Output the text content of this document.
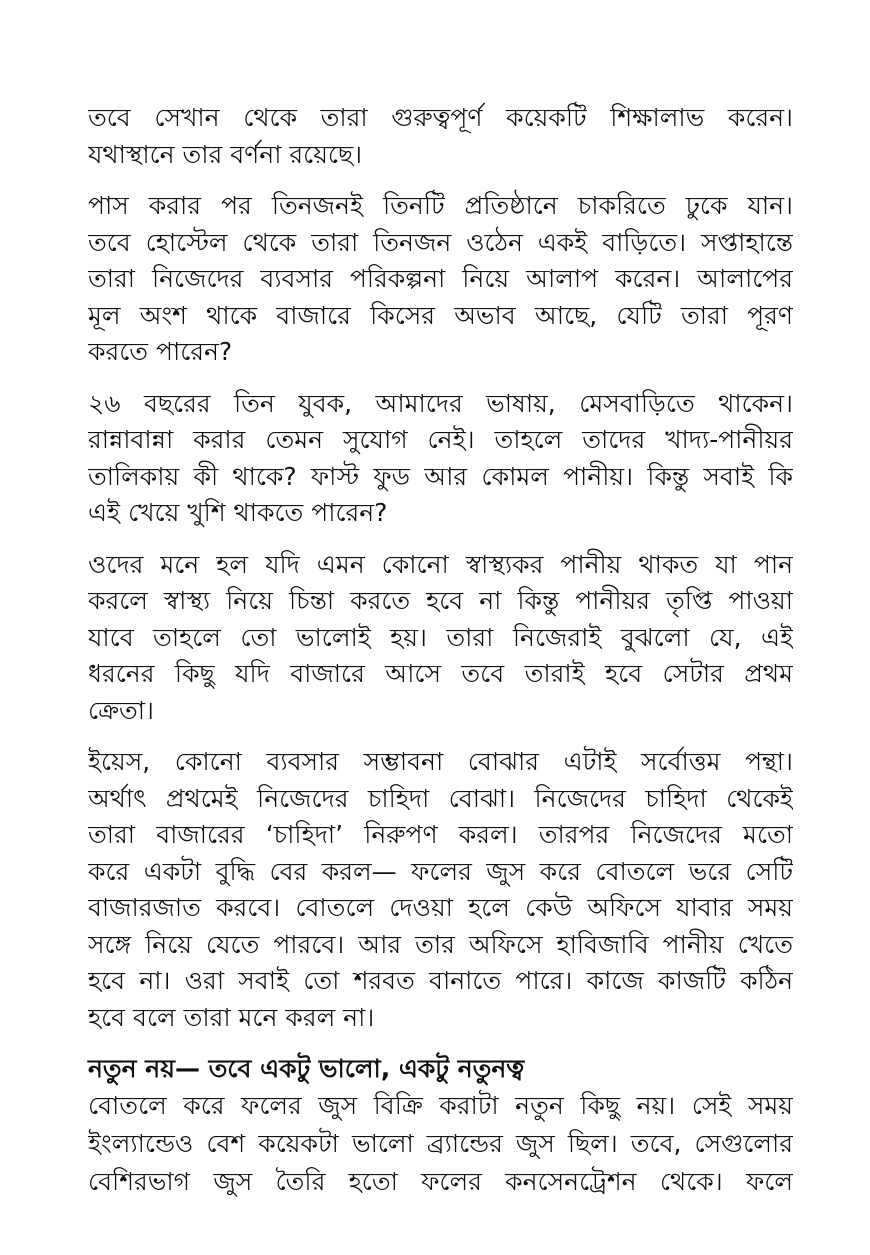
তবে সেখান থেকে তারা গুরুত্বপূর্ণ কয়েকটি শিক্ষালাভ করেন।
যথাস্থানে তার বর্ণনা রয়েছে।
পাস করার পর তিনজনই তিনটি প্রতিষ্ঠানে চাকরিতে ঢুকে যান।
তবে হোস্টেল থেকে তারা তিনজন ওঠেন একই বাড়িতে। সপ্তাহান্তে
তারা নিজেদের ব্যবসার পরিকল্পনা নিয়ে আলাপ করেন। আলাপের
মূল অংশ থাকে বাজারে কিসের অভাব আছে, যেটি তারা পূরণ
করতে পারেন?
২৬ বছরের তিন যুবক, আমাদের ভাষায়, মেসবাড়িতে থাকেন।
রান্নাবান্না করার তেমন সুযোগ নেই। তাহলে তাদের খাদ্য-পানীয়র
তালিকায় কী থাকে? ফাস্ট ফুড আর কোমল পানীয়। কিন্তু সবাই কি
এই খেয়ে খুশি থাকতে পারেন?
ওদের মনে হল যদি এমন কোনো স্বাস্থ্যকর পানীয় থাকত যা পান
করলে স্বাস্থ্য নিয়ে চিন্তা করতে হবে না কিন্তু পানীয়র তৃপ্তি পাওয়া
যাবে তাহলে তো ভালোই হয়। তারা নিজেরাই বুঝলো যে, এই
ধরনের কিছু যদি বাজারে আসে তবে তারাই হবে সেটার প্রথম
ক্রেতা।
ইয়েস, কোনো ব্যবসার সম্ভাবনা বোঝার এটাই সর্বোত্তম পন্থা।
অর্থাৎ প্রথমেই নিজেদের চাহিদা বোঝা। নিজেদের চাহিদা থেকেই
তারা বাজারের ‘চাহিদা’ নিরুপণ করল। তারপর নিজেদের মতো
করে একটা বুদ্ধি বের করল— ফলের জুস করে বোতলে ভরে সেটি
বাজারজাত করবে। বোতলে দেওয়া হলে কেউ অফিসে যাবার সময়
সঙ্গে নিয়ে যেতে পারবে। আর তার অফিসে হাবিজাবি পানীয় খেতে
হবে না। ওরা সবাই তো শরবত বানাতে পারে। কাজে কাজটি কঠিন
হবে বলে তারা মনে করল না।
নতুন নয়— তবে একটু ভালো, একটু নতুনত্ব
বোতলে করে ফলের জুস বিক্রি করাটা নতুন কিছু নয়। সেই সময়
ইংল্যান্ডেও বেশ কয়েকটা ভালো ব্র্যান্ডের জুস ছিল। তবে, সেগুলোর
বেশিরভাগ জুস তৈরি হতো ফলের কনসেনট্রেশন থেকে। ফলে
